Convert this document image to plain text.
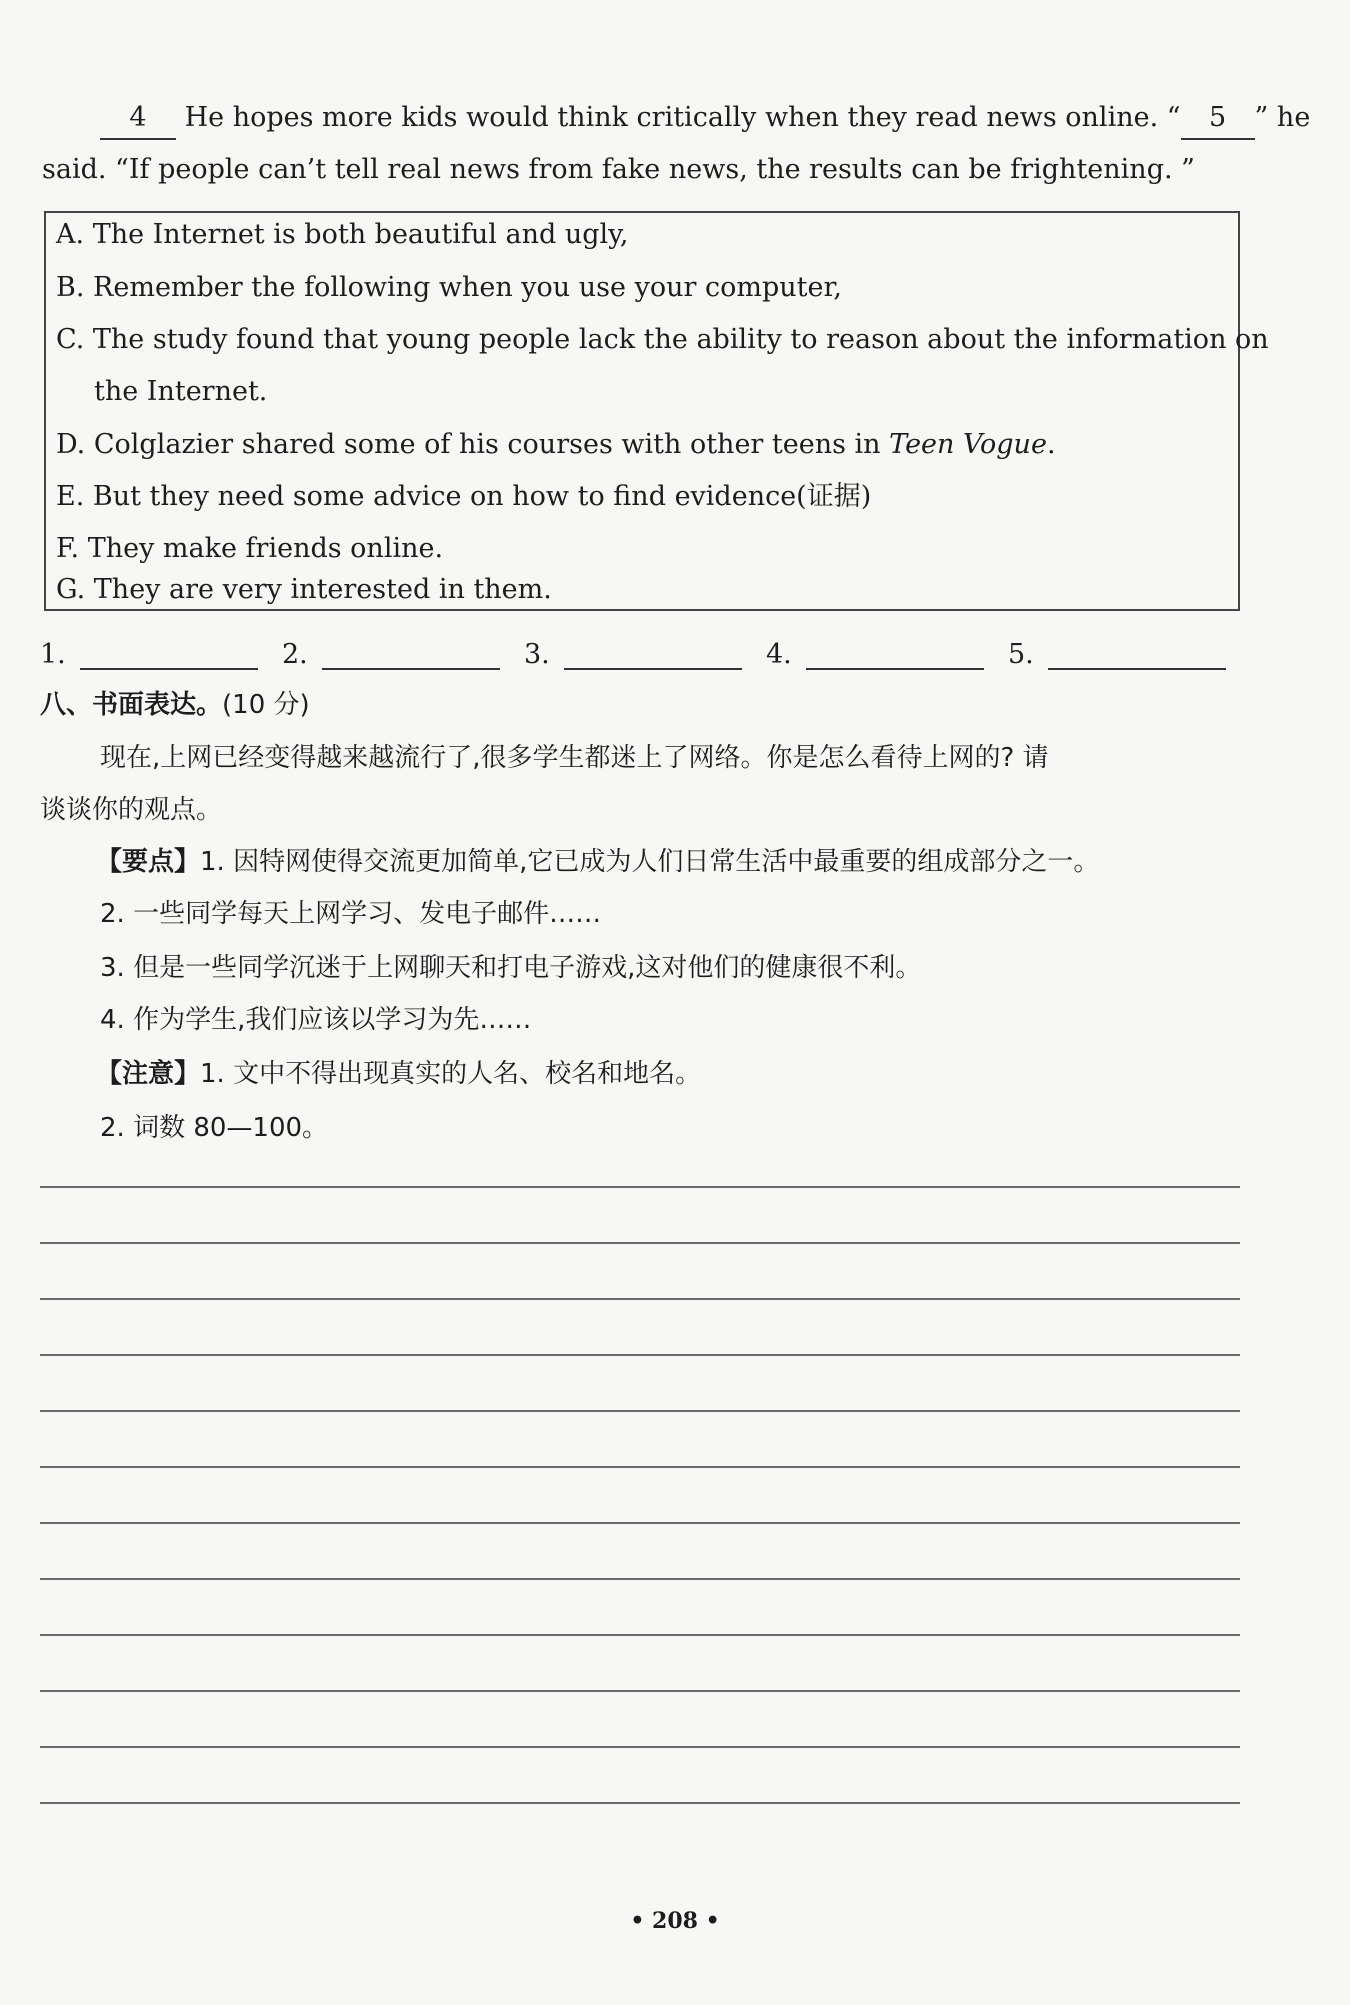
4 He hopes more kids would think critically when they read news online. “ 5 ” he
said. “If people can’t tell real news from fake news, the results can be frightening. ”
A. The Internet is both beautiful and ugly,
B. Remember the following when you use your computer,
C. The study found that young people lack the ability to reason about the information on
the Internet.
D. Colglazier shared some of his courses with other teens in Teen Vogue.
E. But they need some advice on how to find evidence(证据)
F. They make friends online.
G. They are very interested in them.
1.	2.	3.	4.	5.
八、书面表达。(10 分)
现在,上网已经变得越来越流行了,很多学生都迷上了网络。你是怎么看待上网的? 请
谈谈你的观点。
【要点】1. 因特网使得交流更加简单,它已成为人们日常生活中最重要的组成部分之一。
2. 一些同学每天上网学习、发电子邮件……
3. 但是一些同学沉迷于上网聊天和打电子游戏,这对他们的健康很不利。
4. 作为学生,我们应该以学习为先……
【注意】1. 文中不得出现真实的人名、校名和地名。
2. 词数 80—100。
• 208 •
